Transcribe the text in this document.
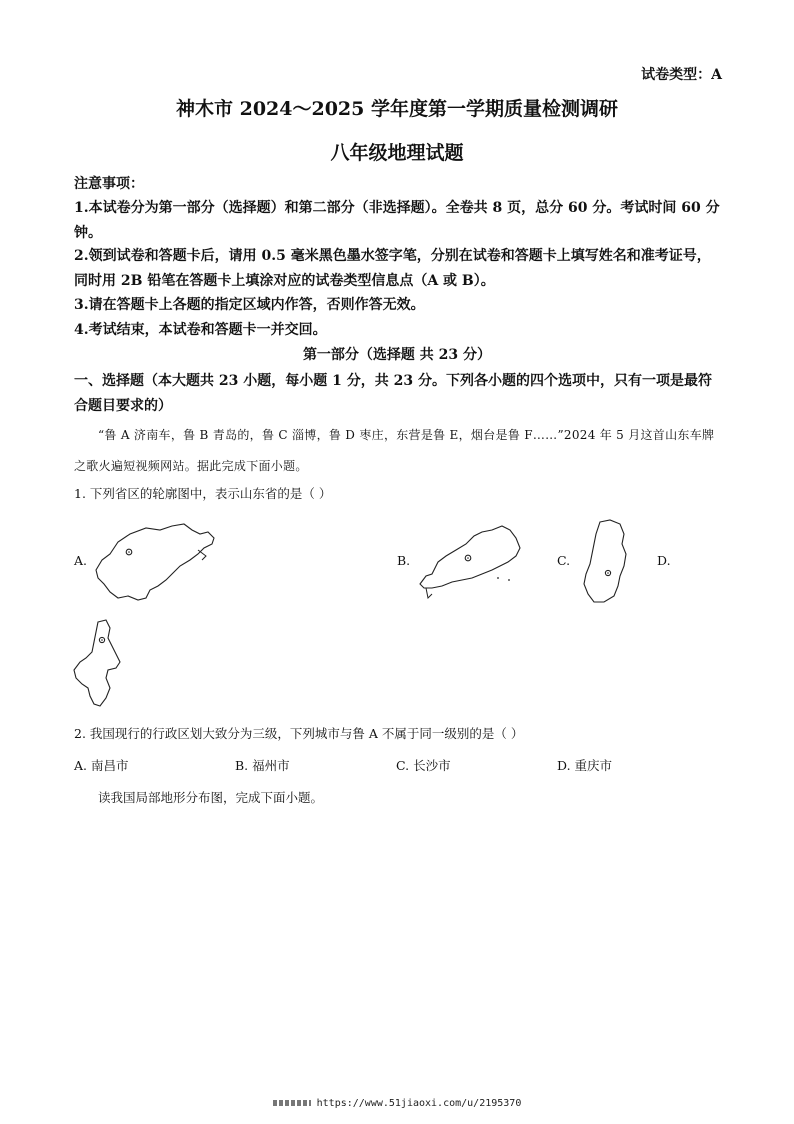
试卷类型：A
神木市 2024～2025 学年度第一学期质量检测调研
八年级地理试题
注意事项：
1.本试卷分为第一部分（选择题）和第二部分（非选择题）。全卷共 8 页，总分 60 分。考试时间 60 分钟。
2.领到试卷和答题卡后，请用 0.5 毫米黑色墨水签字笔，分别在试卷和答题卡上填写姓名和准考证号，同时用 2B 铅笔在答题卡上填涂对应的试卷类型信息点（A 或 B）。
3.请在答题卡上各题的指定区域内作答，否则作答无效。
4.考试结束，本试卷和答题卡一并交回。
第一部分（选择题 共 23 分）
一、选择题（本大题共 23 小题，每小题 1 分，共 23 分。下列各小题的四个选项中，只有一项是最符合题目要求的）
“鲁 A 济南车，鲁 B 青岛的，鲁 C 淄博，鲁 D 枣庄，东营是鲁 E，烟台是鲁 F……”2024 年 5 月这首山东车牌之歌火遍短视频网站。据此完成下面小题。
1. 下列省区的轮廓图中，表示山东省的是（ ）
A.	B.	C.	D.
2. 我国现行的行政区划大致分为三级，下列城市与鲁 A 不属于同一级别的是（ ）
A. 南昌市	B. 福州市	C. 长沙市	D. 重庆市
读我国局部地形分布图，完成下面小题。
https://www.51jiaoxi.com/u/2195370
